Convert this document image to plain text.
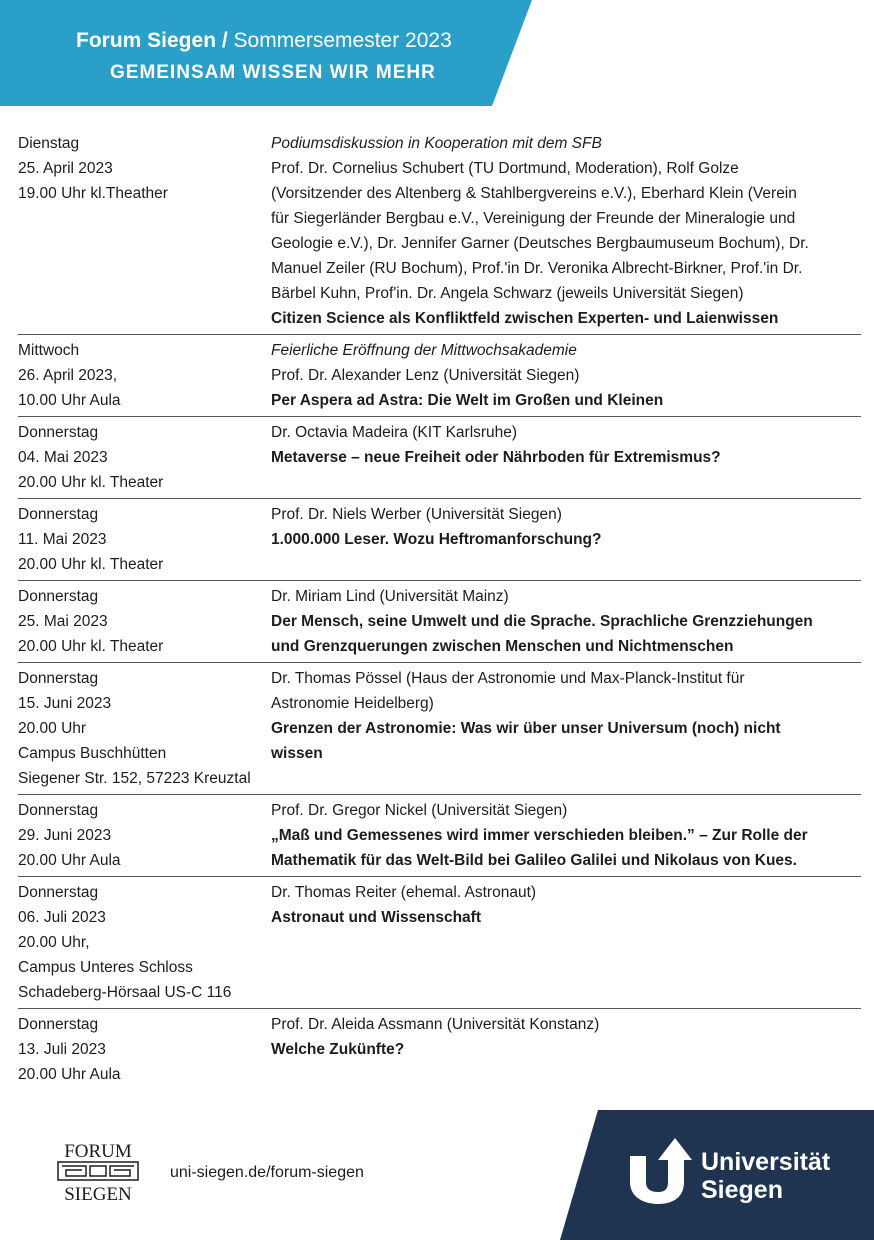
Forum Siegen / Sommersemester 2023
GEMEINSAM WISSEN WIR MEHR
Dienstag
25. April 2023
19.00 Uhr kl.Theather
Podiumsdiskussion in Kooperation mit dem SFB
Prof. Dr. Cornelius Schubert (TU Dortmund, Moderation), Rolf Golze
(Vorsitzender des Altenberg & Stahlbergvereins e.V.), Eberhard Klein (Verein
für Siegerländer Bergbau e.V., Vereinigung der Freunde der Mineralogie und
Geologie e.V.), Dr. Jennifer Garner (Deutsches Bergbaumuseum Bochum), Dr.
Manuel Zeiler (RU Bochum), Prof.'in Dr. Veronika Albrecht-Birkner, Prof.'in Dr.
Bärbel Kuhn, Prof'in. Dr. Angela Schwarz (jeweils Universität Siegen)
Citizen Science als Konfliktfeld zwischen Experten- und Laienwissen
Mittwoch
26. April 2023,
10.00 Uhr Aula
Feierliche Eröffnung der Mittwochsakademie
Prof. Dr. Alexander Lenz (Universität Siegen)
Per Aspera ad Astra: Die Welt im Großen und Kleinen
Donnerstag
04. Mai 2023
20.00 Uhr kl. Theater
Dr. Octavia Madeira (KIT Karlsruhe)
Metaverse – neue Freiheit oder Nährboden für Extremismus?
Donnerstag
11. Mai 2023
20.00 Uhr kl. Theater
Prof. Dr. Niels Werber (Universität Siegen)
1.000.000 Leser. Wozu Heftromanforschung?
Donnerstag
25. Mai 2023
20.00 Uhr kl. Theater
Dr. Miriam Lind (Universität Mainz)
Der Mensch, seine Umwelt und die Sprache. Sprachliche Grenzziehungen
und Grenzquerungen zwischen Menschen und Nichtmenschen
Donnerstag
15. Juni 2023
20.00 Uhr
Campus Buschhütten
Siegener Str. 152, 57223 Kreuztal
Dr. Thomas Pössel (Haus der Astronomie und Max-Planck-Institut für
Astronomie Heidelberg)
Grenzen der Astronomie: Was wir über unser Universum (noch) nicht
wissen
Donnerstag
29. Juni 2023
20.00 Uhr Aula
Prof. Dr. Gregor Nickel (Universität Siegen)
„Maß und Gemessenes wird immer verschieden bleiben.” – Zur Rolle der
Mathematik für das Welt-Bild bei Galileo Galilei und Nikolaus von Kues.
Donnerstag
06. Juli 2023
20.00 Uhr,
Campus Unteres Schloss
Schadeberg-Hörsaal US-C 116
Dr. Thomas Reiter (ehemal. Astronaut)
Astronaut und Wissenschaft
Donnerstag
13. Juli 2023
20.00 Uhr Aula
Prof. Dr. Aleida Assmann (Universität Konstanz)
Welche Zukünfte?
FORUM
SIEGEN
uni-siegen.de/forum-siegen	Universität
Siegen
